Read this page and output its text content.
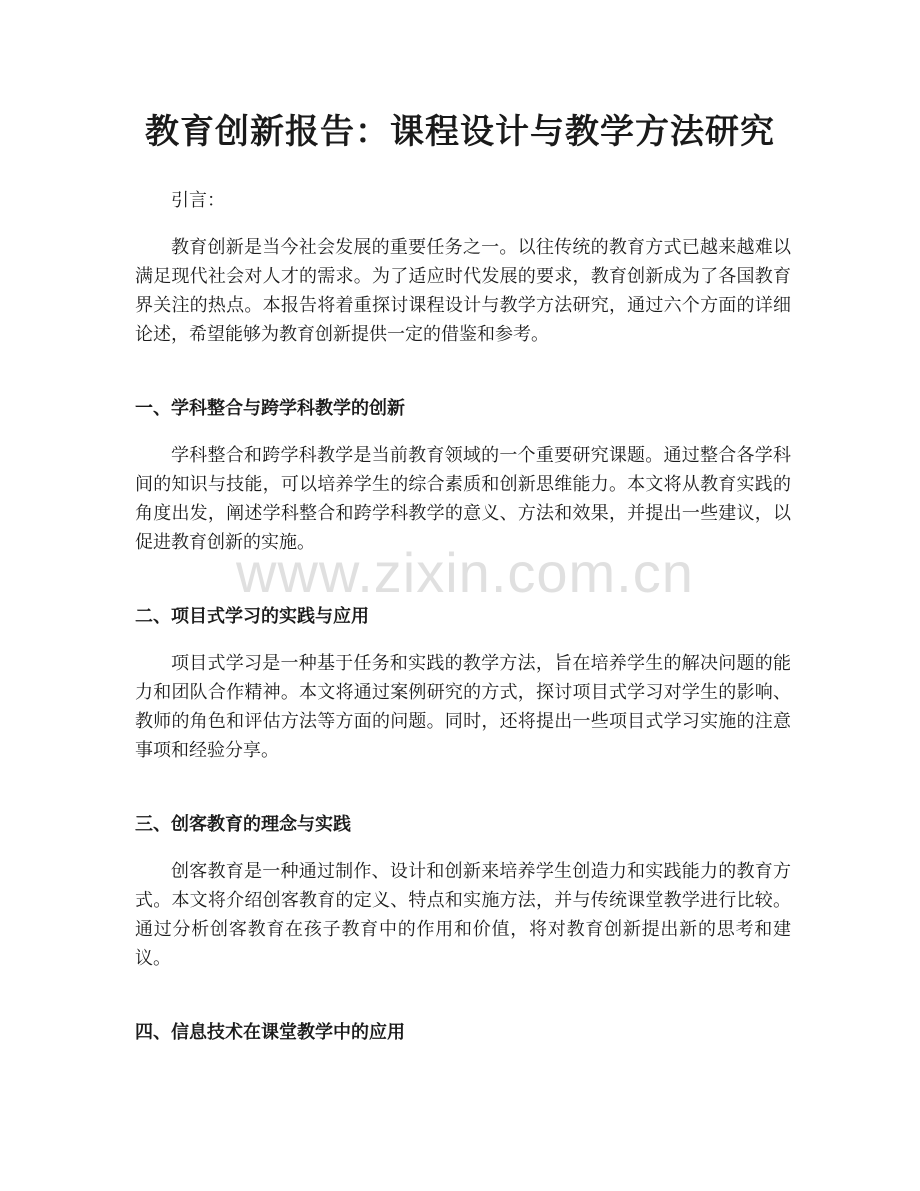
教育创新报告：课程设计与教学方法研究

引言：

教育创新是当今社会发展的重要任务之一。以往传统的教育方式已越来越难以满足现代社会对人才的需求。为了适应时代发展的要求，教育创新成为了各国教育界关注的热点。本报告将着重探讨课程设计与教学方法研究，通过六个方面的详细论述，希望能够为教育创新提供一定的借鉴和参考。

一、学科整合与跨学科教学的创新

学科整合和跨学科教学是当前教育领域的一个重要研究课题。通过整合各学科间的知识与技能，可以培养学生的综合素质和创新思维能力。本文将从教育实践的角度出发，阐述学科整合和跨学科教学的意义、方法和效果，并提出一些建议，以促进教育创新的实施。

二、项目式学习的实践与应用

项目式学习是一种基于任务和实践的教学方法，旨在培养学生的解决问题的能力和团队合作精神。本文将通过案例研究的方式，探讨项目式学习对学生的影响、教师的角色和评估方法等方面的问题。同时，还将提出一些项目式学习实施的注意事项和经验分享。

三、创客教育的理念与实践

创客教育是一种通过制作、设计和创新来培养学生创造力和实践能力的教育方式。本文将介绍创客教育的定义、特点和实施方法，并与传统课堂教学进行比较。通过分析创客教育在孩子教育中的作用和价值，将对教育创新提出新的思考和建议。

四、信息技术在课堂教学中的应用
www.zixin.com.cn
